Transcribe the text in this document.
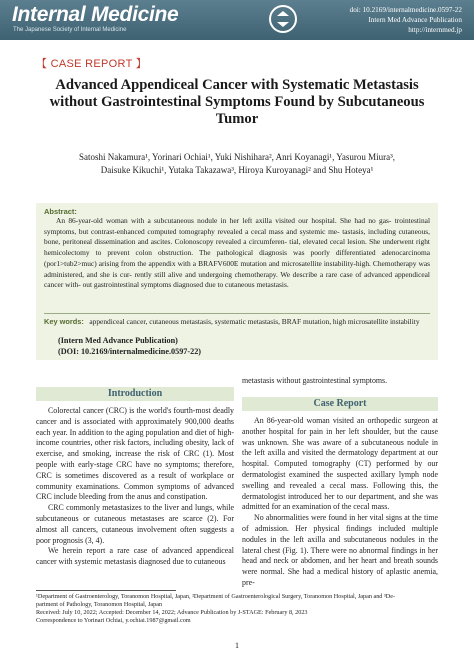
Internal Medicine
The Japanese Society of Internal Medicine
doi: 10.2169/internalmedicine.0597-22
Intern Med Advance Publication
http://internmed.jp
【 CASE REPORT 】
Advanced Appendiceal Cancer with Systematic Metastasis without Gastrointestinal Symptoms Found by Subcutaneous Tumor
Satoshi Nakamura¹, Yorinari Ochiai¹, Yuki Nishihara², Anri Koyanagi¹, Yasurou Miura³,
Daisuke Kikuchi¹, Yutaka Takazawa³, Hiroya Kuroyanagi² and Shu Hoteya¹
Abstract:
An 86-year-old woman with a subcutaneous nodule in her left axilla visited our hospital. She had no gas- trointestinal symptoms, but contrast-enhanced computed tomography revealed a cecal mass and systemic me- tastasis, including cutaneous, bone, peritoneal dissemination and ascites. Colonoscopy revealed a circumferen- tial, elevated cecal lesion. She underwent right hemicolectomy to prevent colon obstruction. The pathological diagnosis was poorly differentiated adenocarcinoma (por1>tub2>muc) arising from the appendix with a BRAFV600E mutation and microsatellite instability-high. Chemotherapy was administered, and she is cur- rently still alive and undergoing chemotherapy. We describe a rare case of advanced appendiceal cancer with- out gastrointestinal symptoms diagnosed due to cutaneous metastasis.
Key words: appendiceal cancer, cutaneous metastasis, systematic metastasis, BRAF mutation, high microsatellite instability
(Intern Med Advance Publication)
(DOI: 10.2169/internalmedicine.0597-22)
Introduction

Colorectal cancer (CRC) is the world's fourth-most deadly cancer and is associated with approximately 900,000 deaths each year. In addition to the aging population and diet of high-income countries, other risk factors, including obesity, lack of exercise, and smoking, increase the risk of CRC (1). Most people with early-stage CRC have no symptoms; therefore, CRC is sometimes discovered as a result of workplace or community examinations. Common symptoms of advanced CRC include bleeding from the anus and constipation.

CRC commonly metastasizes to the liver and lungs, while subcutaneous or cutaneous metastases are scarce (2). For almost all cancers, cutaneous involvement often suggests a poor prognosis (3, 4).

We herein report a rare case of advanced appendiceal cancer with systemic metastasis diagnosed due to cutaneous

metastasis without gastrointestinal symptoms.
Case Report

An 86-year-old woman visited an orthopedic surgeon at another hospital for pain in her left shoulder, but the cause was unknown. She was aware of a subcutaneous nodule in the left axilla and visited the dermatology department at our hospital. Computed tomography (CT) performed by our dermatologist examined the suspected axillary lymph node swelling and revealed a cecal mass. Following this, the dermatologist introduced her to our department, and she was admitted for an examination of the cecal mass.

No abnormalities were found in her vital signs at the time of admission. Her physical findings included multiple nodules in the left axilla and subcutaneous nodules in the lateral chest (Fig. 1). There were no abnormal findings in her head and neck or abdomen, and her heart and breath sounds were normal. She had a medical history of aplastic anemia, pre-

¹Department of Gastroenterology, Toranomon Hospital, Japan, ²Department of Gastroenterological Surgery, Toranomon Hospital, Japan and ³De-
partment of Pathology, Toranomon Hospital, Japan
Received: July 10, 2022; Accepted: December 14, 2022; Advance Publication by J-STAGE: February 8, 2023
Correspondence to Yorinari Ochiai, y.ochiai.1987@gmail.com
1
